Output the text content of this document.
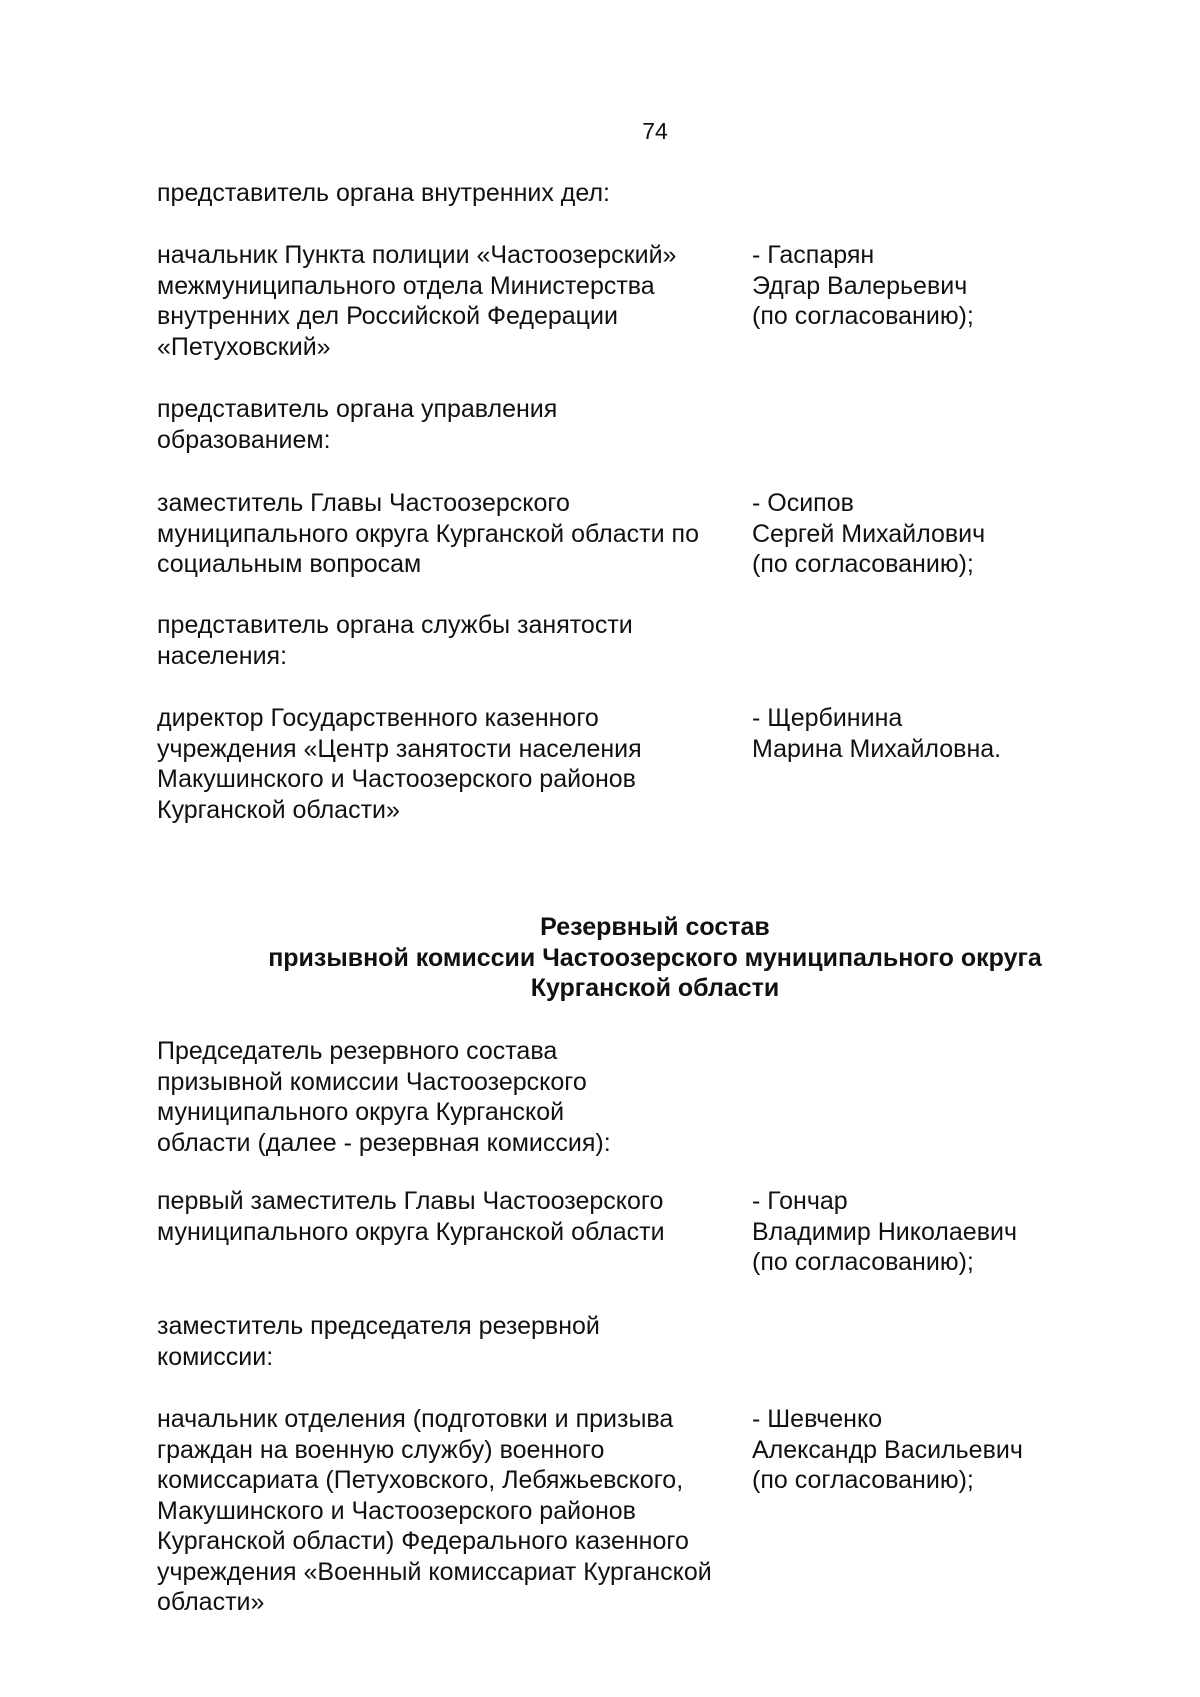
74
представитель органа внутренних дел:
начальник Пункта полиции «Частоозерский»
межмуниципального отдела Министерства
внутренних дел Российской Федерации
«Петуховский»
- Гаспарян
Эдгар Валерьевич
(по согласованию);
представитель органа управления
образованием:
заместитель Главы Частоозерского
муниципального округа Курганской области по
социальным вопросам
- Осипов
Сергей Михайлович
(по согласованию);
представитель органа службы занятости
населения:
директор Государственного казенного
учреждения «Центр занятости населения
Макушинского и Частоозерского районов
Курганской области»
- Щербинина
Марина Михайловна.
Резервный состав
призывной комиссии Частоозерского муниципального округа
Курганской области
Председатель резервного состава
призывной комиссии Частоозерского
муниципального округа Курганской
области (далее - резервная комиссия):
первый заместитель Главы Частоозерского
муниципального округа Курганской области
- Гончар
Владимир Николаевич
(по согласованию);
заместитель председателя резервной
комиссии:
начальник отделения (подготовки и призыва
граждан на военную службу) военного
комиссариата (Петуховского, Лебяжьевского,
Макушинского и Частоозерского районов
Курганской области) Федерального казенного
учреждения «Военный комиссариат Курганской
области»
- Шевченко
Александр Васильевич
(по согласованию);
